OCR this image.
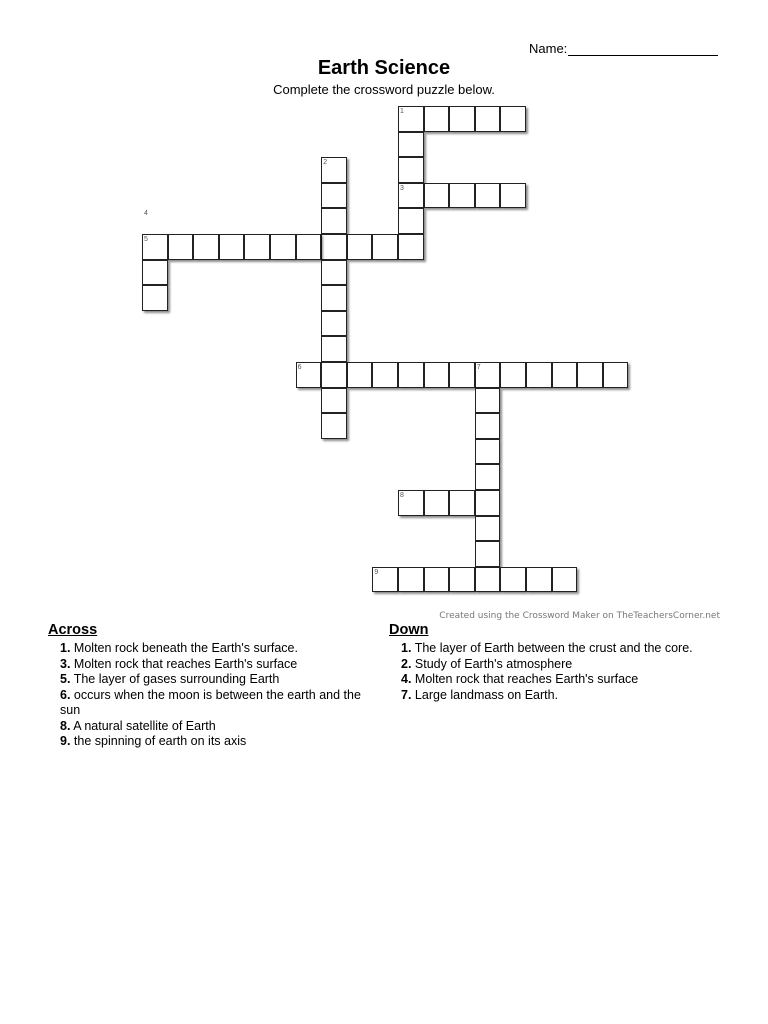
Name:
Earth Science
Complete the crossword puzzle below.
1
2
3
4
5
6	7
8
9
Created using the Crossword Maker on TheTeachersCorner.net
Across
1. Molten rock beneath the Earth's surface.
3. Molten rock that reaches Earth's surface
5. The layer of gases surrounding Earth
6. occurs when the moon is between the earth and the sun
8. A natural satellite of Earth
9. the spinning of earth on its axis
Down
1. The layer of Earth between the crust and the core.
2. Study of Earth's atmosphere
4. Molten rock that reaches Earth's surface
7. Large landmass on Earth.
